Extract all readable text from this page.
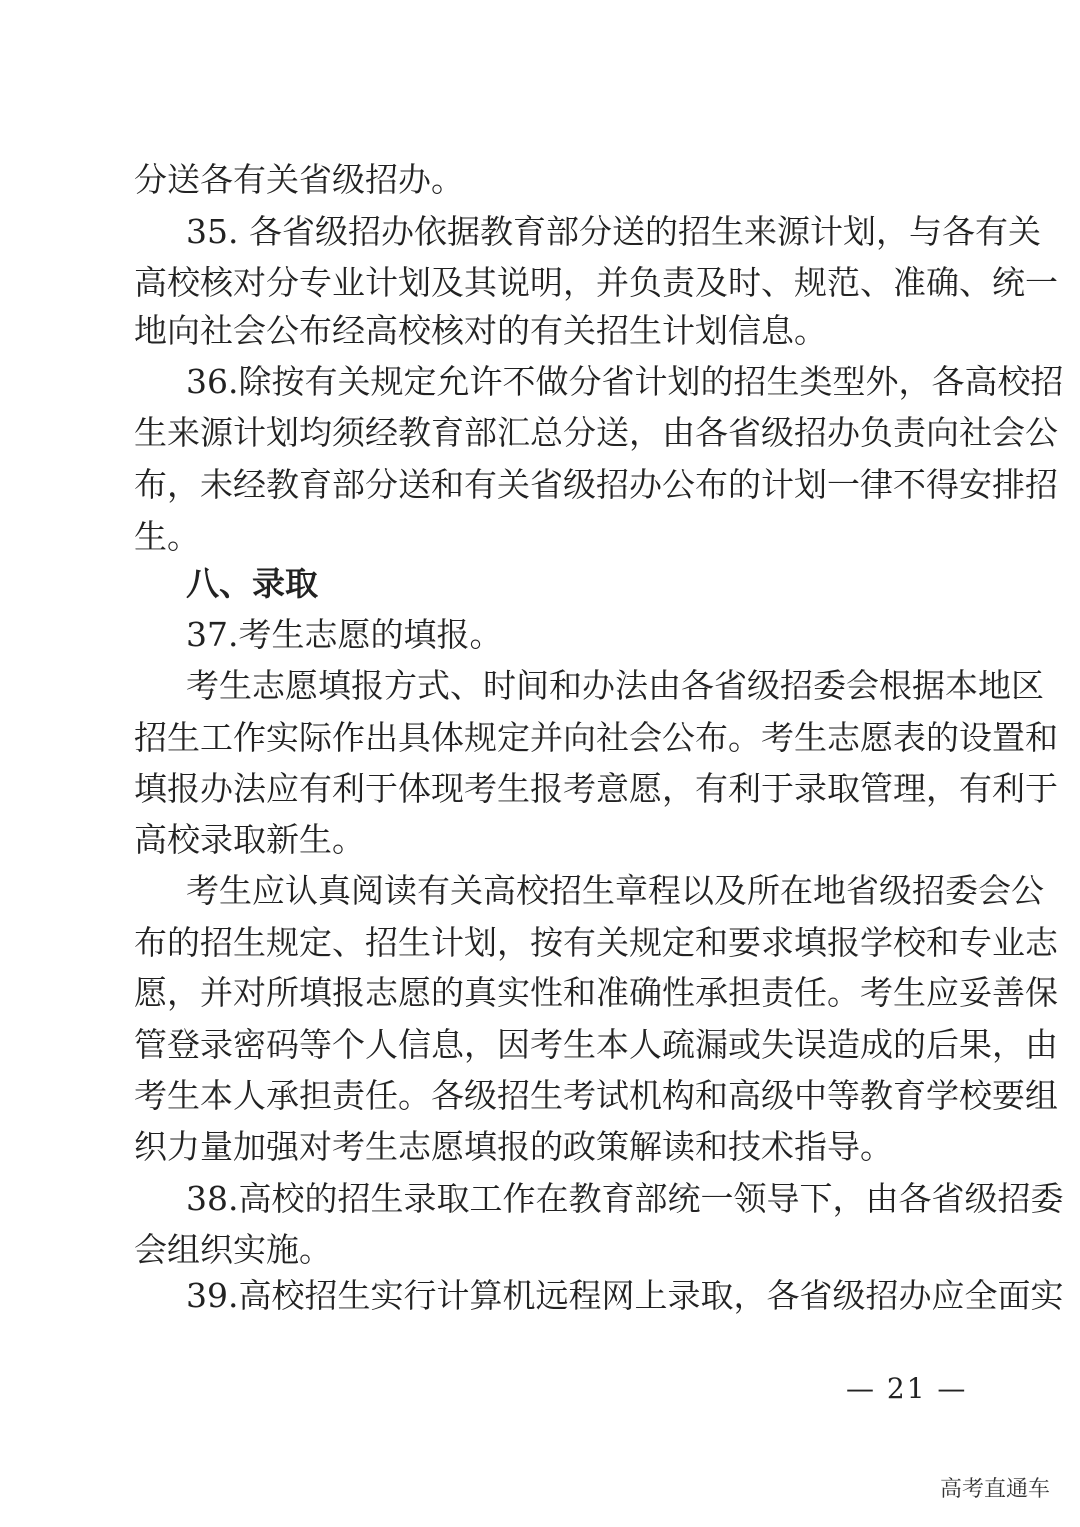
分送各有关省级招办。
35. 各省级招办依据教育部分送的招生来源计划，与各有关
高校核对分专业计划及其说明，并负责及时、规范、准确、统一
地向社会公布经高校核对的有关招生计划信息。
36.除按有关规定允许不做分省计划的招生类型外，各高校招
生来源计划均须经教育部汇总分送，由各省级招办负责向社会公
布，未经教育部分送和有关省级招办公布的计划一律不得安排招
生。
八、录取
37.考生志愿的填报。
考生志愿填报方式、时间和办法由各省级招委会根据本地区
招生工作实际作出具体规定并向社会公布。考生志愿表的设置和
填报办法应有利于体现考生报考意愿，有利于录取管理，有利于
高校录取新生。
考生应认真阅读有关高校招生章程以及所在地省级招委会公
布的招生规定、招生计划，按有关规定和要求填报学校和专业志
愿，并对所填报志愿的真实性和准确性承担责任。考生应妥善保
管登录密码等个人信息，因考生本人疏漏或失误造成的后果，由
考生本人承担责任。各级招生考试机构和高级中等教育学校要组
织力量加强对考生志愿填报的政策解读和技术指导。
38.高校的招生录取工作在教育部统一领导下，由各省级招委
会组织实施。
39.高校招生实行计算机远程网上录取，各省级招办应全面实
— 21 —
高考直通车
